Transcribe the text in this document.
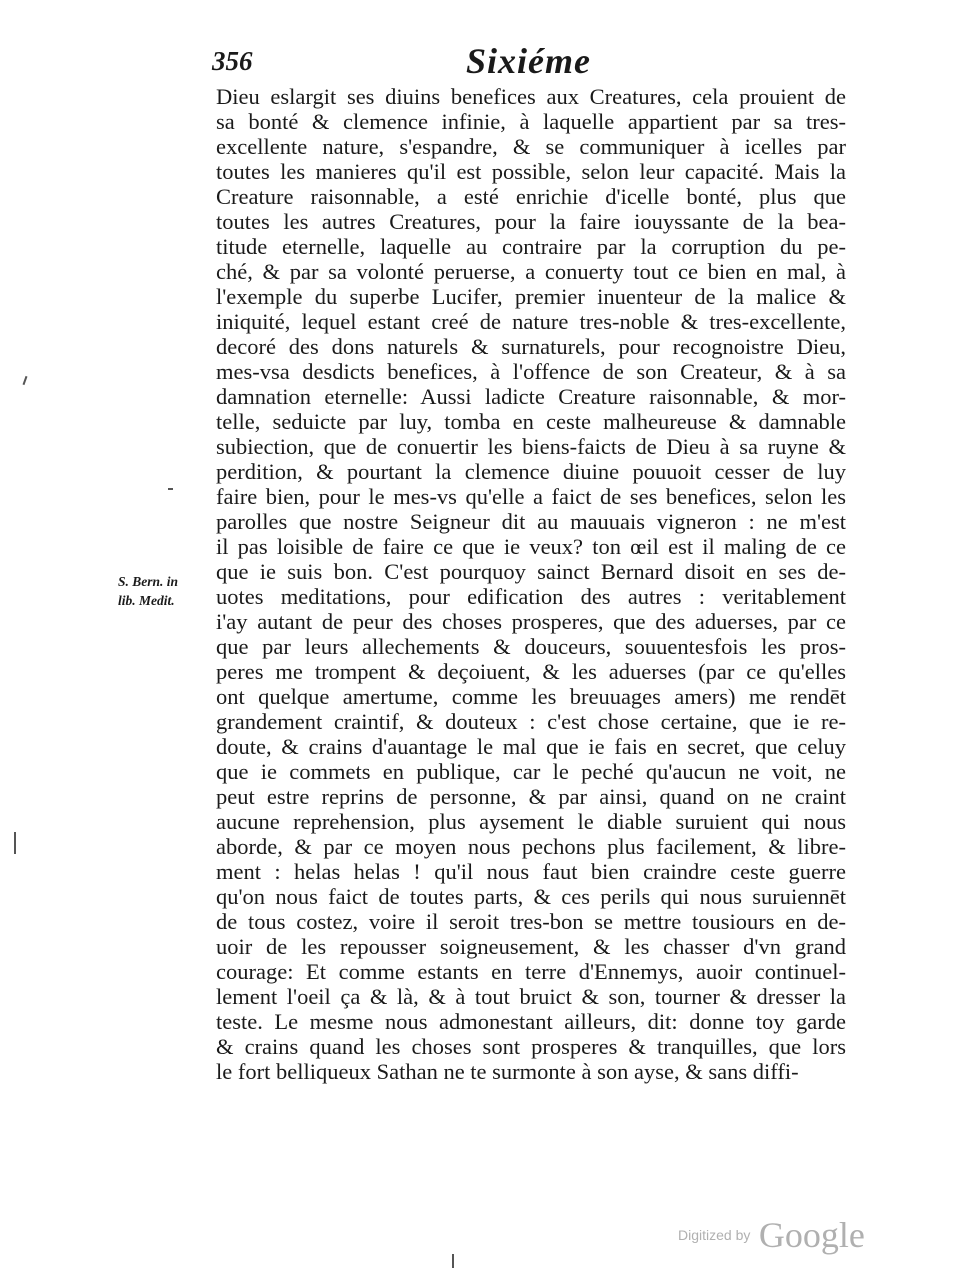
356	Sixiéme
S. Bern. in
lib. Medit.
Dieu eslargit ses diuins benefices aux Creatures, cela prouient de
sa bonté & clemence infinie, à laquelle appartient par sa tres-
excellente nature, s'espandre, & se communiquer à icelles par
toutes les manieres qu'il est possible, selon leur capacité. Mais la
Creature raisonnable, a esté enrichie d'icelle bonté, plus que
toutes les autres Creatures, pour la faire iouyssante de la bea-
titude eternelle, laquelle au contraire par la corruption du pe-
ché, & par sa volonté peruerse, a conuerty tout ce bien en mal, à
l'exemple du superbe Lucifer, premier inuenteur de la malice &
iniquité, lequel estant creé de nature tres-noble & tres-excellente,
decoré des dons naturels & surnaturels, pour recognoistre Dieu,
mes-vsa desdicts benefices, à l'offence de son Createur, & à sa
damnation eternelle: Aussi ladicte Creature raisonnable, & mor-
telle, seduicte par luy, tomba en ceste malheureuse & damnable
subiection, que de conuertir les biens-faicts de Dieu à sa ruyne &
perdition, & pourtant la clemence diuine pouuoit cesser de luy
faire bien, pour le mes-vs qu'elle a faict de ses benefices, selon les
parolles que nostre Seigneur dit au mauuais vigneron : ne m'est
il pas loisible de faire ce que ie veux? ton œil est il maling de ce
que ie suis bon. C'est pourquoy sainct Bernard disoit en ses de-
uotes meditations, pour edification des autres : veritablement
i'ay autant de peur des choses prosperes, que des aduerses, par ce
que par leurs allechements & douceurs, souuentesfois les pros-
peres me trompent & deçoiuent, & les aduerses (par ce qu'elles
ont quelque amertume, comme les breuuages amers) me rendēt
grandement craintif, & douteux : c'est chose certaine, que ie re-
doute, & crains d'auantage le mal que ie fais en secret, que celuy
que ie commets en publique, car le peché qu'aucun ne voit, ne
peut estre reprins de personne, & par ainsi, quand on ne craint
aucune reprehension, plus aysement le diable suruient qui nous
aborde, & par ce moyen nous pechons plus facilement, & libre-
ment : helas helas ! qu'il nous faut bien craindre ceste guerre
qu'on nous faict de toutes parts, & ces perils qui nous suruiennēt
de tous costez, voire il seroit tres-bon se mettre tousiours en de-
uoir de les repousser soigneusement, & les chasser d'vn grand
courage: Et comme estants en terre d'Ennemys, auoir continuel-
lement l'oeil ça & là, & à tout bruict & son, tourner & dresser la
teste. Le mesme nous admonestant ailleurs, dit: donne toy garde
& crains quand les choses sont prosperes & tranquilles, que lors
le fort belliqueux Sathan ne te surmonte à son ayse, & sans diffi-
Digitized by Google
